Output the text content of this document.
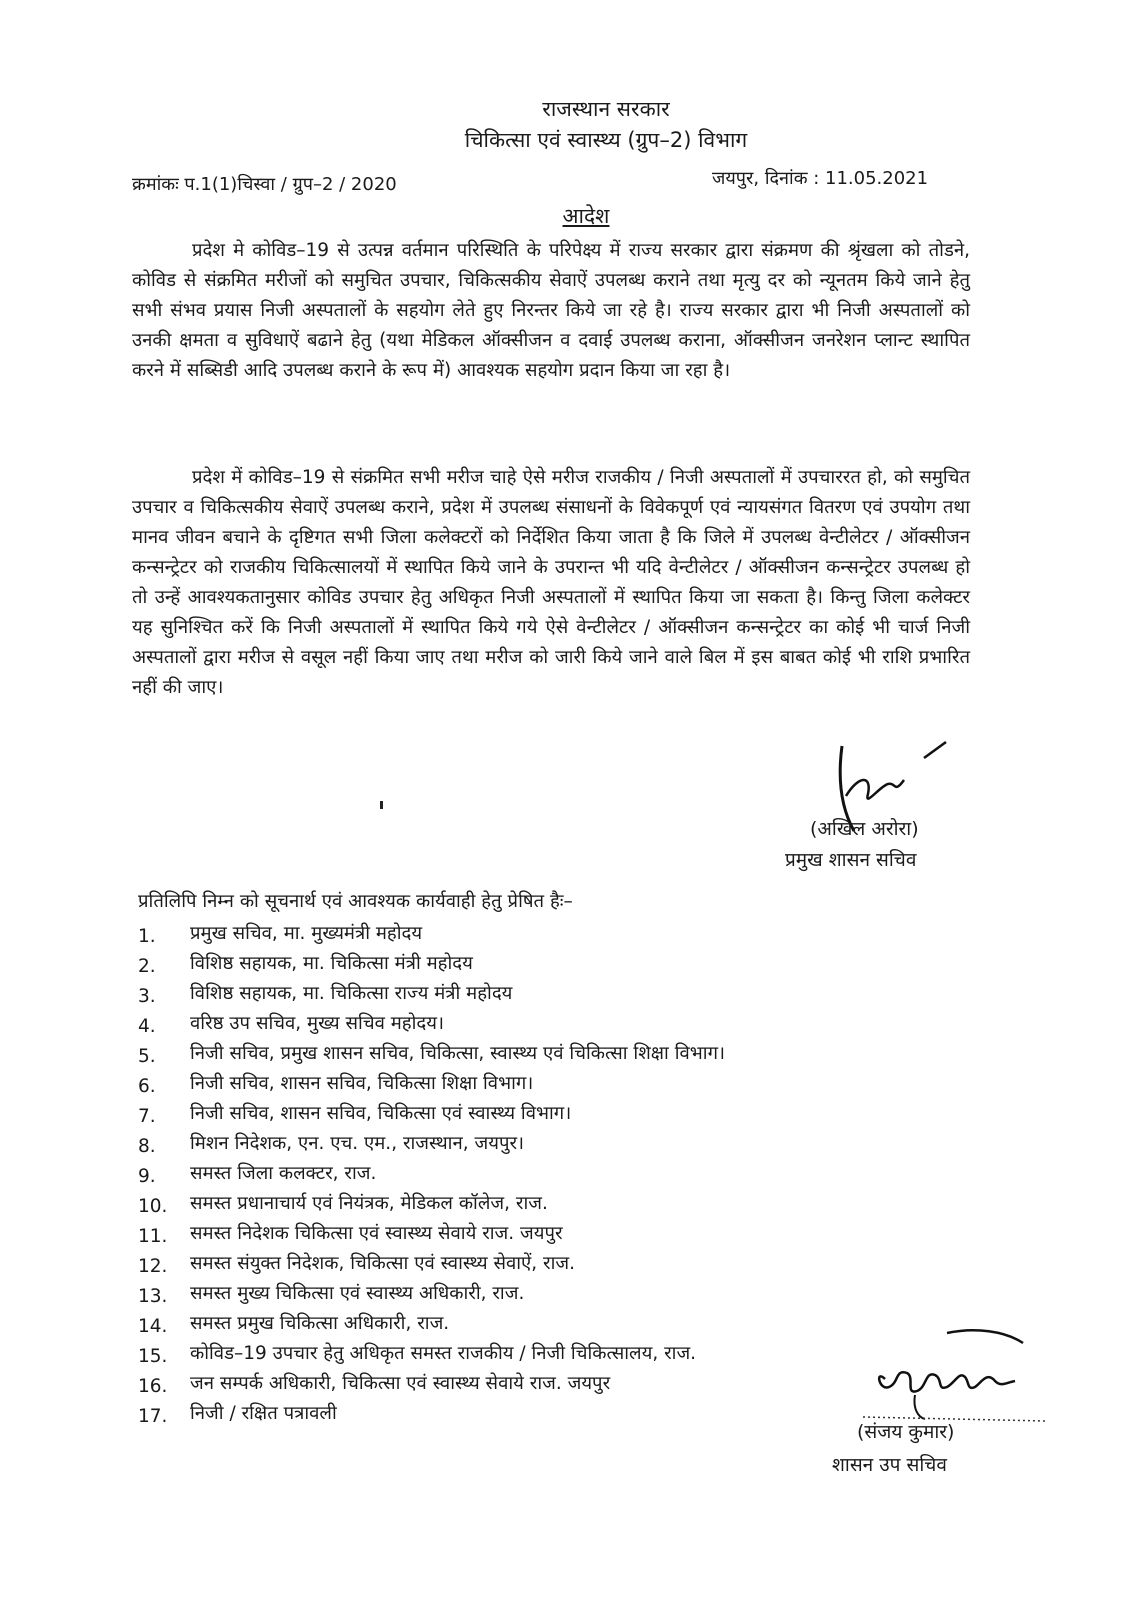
राजस्थान सरकार
चिकित्सा एवं स्वास्थ्य (ग्रुप–2) विभाग
क्रमांकः प.1(1)चिस्वा / ग्रुप–2 / 2020	जयपुर, दिनांक : 11.05.2021
आदेश

प्रदेश मे कोविड–19 से उत्पन्न वर्तमान परिस्थिति के परिपेक्ष्य में राज्य सरकार द्वारा संक्रमण की श्रृंखला को तोडने, कोविड से संक्रमित मरीजों को समुचित उपचार, चिकित्सकीय सेवाऐं उपलब्ध कराने तथा मृत्यु दर को न्यूनतम किये जाने हेतु सभी संभव प्रयास निजी अस्पतालों के सहयोग लेते हुए निरन्तर किये जा रहे है। राज्य सरकार द्वारा भी निजी अस्पतालों को उनकी क्षमता व सुविधाऐं बढाने हेतु (यथा मेडिकल ऑक्सीजन व दवाई उपलब्ध कराना, ऑक्सीजन जनरेशन प्लान्ट स्थापित करने में सब्सिडी आदि उपलब्ध कराने के रूप में) आवश्यक सहयोग प्रदान किया जा रहा है।

प्रदेश में कोविड–19 से संक्रमित सभी मरीज चाहे ऐसे मरीज राजकीय / निजी अस्पतालों में उपचाररत हो, को समुचित उपचार व चिकित्सकीय सेवाऐं उपलब्ध कराने, प्रदेश में उपलब्ध संसाधनों के विवेकपूर्ण एवं न्यायसंगत वितरण एवं उपयोग तथा मानव जीवन बचाने के दृष्टिगत सभी जिला कलेक्टरों को निर्देशित किया जाता है कि जिले में उपलब्ध वेन्टीलेटर / ऑक्सीजन कन्सन्ट्रेटर को राजकीय चिकित्सालयों में स्थापित किये जाने के उपरान्त भी यदि वेन्टीलेटर / ऑक्सीजन कन्सन्ट्रेटर उपलब्ध हो तो उन्हें आवश्यकतानुसार कोविड उपचार हेतु अधिकृत निजी अस्पतालों में स्थापित किया जा सकता है। किन्तु जिला कलेक्टर यह सुनिश्चित करें कि निजी अस्पतालों में स्थापित किये गये ऐसे वेन्टीलेटर / ऑक्सीजन कन्सन्ट्रेटर का कोई भी चार्ज निजी अस्पतालों द्वारा मरीज से वसूल नहीं किया जाए तथा मरीज को जारी किये जाने वाले बिल में इस बाबत कोई भी राशि प्रभारित नहीं की जाए।

(अखिल अरोरा)
प्रमुख शासन सचिव
प्रतिलिपि निम्न को सूचनार्थ एवं आवश्यक कार्यवाही हेतु प्रेषित हैः–
1. प्रमुख सचिव, मा. मुख्यमंत्री महोदय
2. विशिष्ठ सहायक, मा. चिकित्सा मंत्री महोदय
3. विशिष्ठ सहायक, मा. चिकित्सा राज्य मंत्री महोदय
4. वरिष्ठ उप सचिव, मुख्य सचिव महोदय।
5. निजी सचिव, प्रमुख शासन सचिव, चिकित्सा, स्वास्थ्य एवं चिकित्सा शिक्षा विभाग।
6. निजी सचिव, शासन सचिव, चिकित्सा शिक्षा विभाग।
7. निजी सचिव, शासन सचिव, चिकित्सा एवं स्वास्थ्य विभाग।
8. मिशन निदेशक, एन. एच. एम., राजस्थान, जयपुर।
9. समस्त जिला कलक्टर, राज.
10. समस्त प्रधानाचार्य एवं नियंत्रक, मेडिकल कॉलेज, राज.
11. समस्त निदेशक चिकित्सा एवं स्वास्थ्य सेवाये राज. जयपुर
12. समस्त संयुक्त निदेशक, चिकित्सा एवं स्वास्थ्य सेवाऐं, राज.
13. समस्त मुख्य चिकित्सा एवं स्वास्थ्य अधिकारी, राज.
14. समस्त प्रमुख चिकित्सा अधिकारी, राज.
15. कोविड–19 उपचार हेतु अधिकृत समस्त राजकीय / निजी चिकित्सालय, राज.
16. जन सम्पर्क अधिकारी, चिकित्सा एवं स्वास्थ्य सेवाये राज. जयपुर
17. निजी / रक्षित पत्रावली
(संजय कुमार)
शासन उप सचिव
